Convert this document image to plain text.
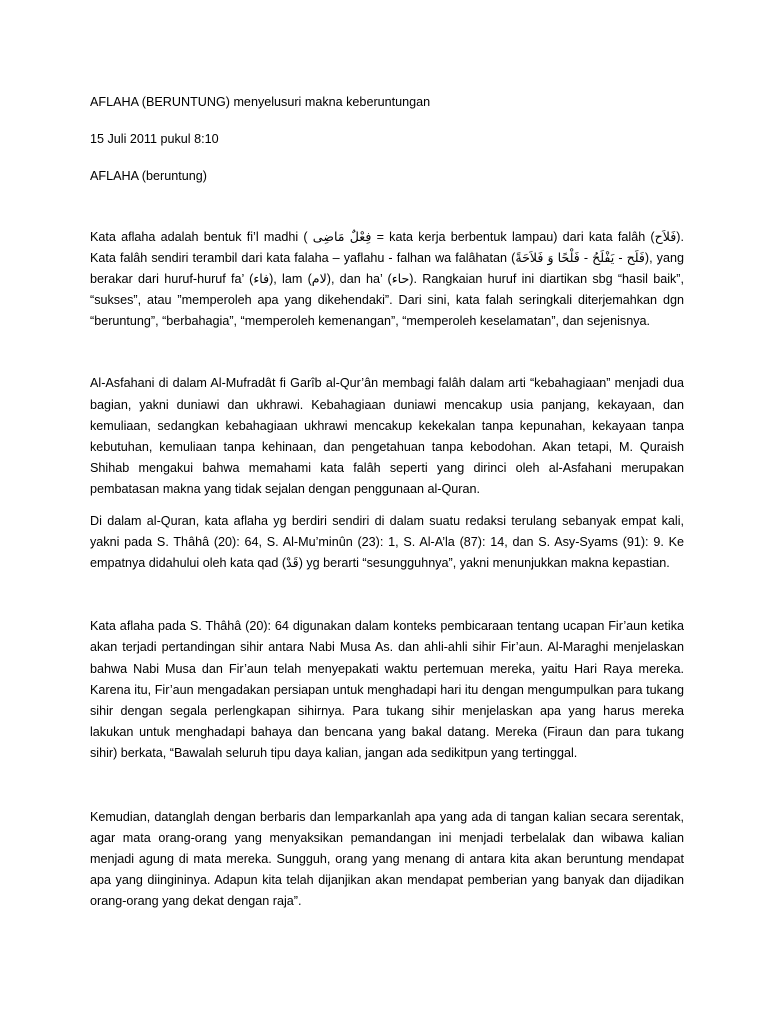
AFLAHA (BERUNTUNG) menyelusuri makna keberuntungan

15 Juli 2011 pukul 8:10

AFLAHA (beruntung)

Kata aflaha adalah bentuk fi’l madhi ( فِعْلٌ مَاضِى = kata kerja berbentuk lampau) dari kata falâh (فَلاَح). Kata falâh sendiri terambil dari kata falaha – yaflahu - falhan wa falâhatan (فَلَح - يَفْلَحُ - فَلْحًا وَ فَلاَحَةً), yang berakar dari huruf-huruf fa’ (فاء), lam (لام), dan ha’ (حاء). Rangkaian huruf ini diartikan sbg “hasil baik”, “sukses”, atau ”memperoleh apa yang dikehendaki”. Dari sini, kata falah seringkali diterjemahkan dgn “beruntung”, “berbahagia”, “memperoleh kemenangan”, “memperoleh keselamatan”, dan sejenisnya.

Al-Asfahani di dalam Al-Mufradât fi Garîb al-Qur’ân membagi falâh dalam arti “kebahagiaan” menjadi dua bagian, yakni duniawi dan ukhrawi. Kebahagiaan duniawi mencakup usia panjang, kekayaan, dan kemuliaan, sedangkan kebahagiaan ukhrawi mencakup kekekalan tanpa kepunahan, kekayaan tanpa kebutuhan, kemuliaan tanpa kehinaan, dan pengetahuan tanpa kebodohan. Akan tetapi, M. Quraish Shihab mengakui bahwa memahami kata falâh seperti yang dirinci oleh al-Asfahani merupakan pembatasan makna yang tidak sejalan dengan penggunaan al-Quran.

Di dalam al-Quran, kata aflaha yg berdiri sendiri di dalam suatu redaksi terulang sebanyak empat kali, yakni pada S. Thâhâ (20): 64, S. Al-Mu’minûn (23): 1, S. Al-A’la (87): 14, dan S. Asy-Syams (91): 9. Ke empatnya didahului oleh kata qad (قَدْ) yg berarti “sesungguhnya”, yakni menunjukkan makna kepastian.

Kata aflaha pada S. Thâhâ (20): 64 digunakan dalam konteks pembicaraan tentang ucapan Fir’aun ketika akan terjadi pertandingan sihir antara Nabi Musa As. dan ahli-ahli sihir Fir’aun. Al-Maraghi menjelaskan bahwa Nabi Musa dan Fir’aun telah menyepakati waktu pertemuan mereka, yaitu Hari Raya mereka. Karena itu, Fir’aun mengadakan persiapan untuk menghadapi hari itu dengan mengumpulkan para tukang sihir dengan segala perlengkapan sihirnya. Para tukang sihir menjelaskan apa yang harus mereka lakukan untuk menghadapi bahaya dan bencana yang bakal datang. Mereka (Firaun dan para tukang sihir) berkata, “Bawalah seluruh tipu daya kalian, jangan ada sedikitpun yang tertinggal.

Kemudian, datanglah dengan berbaris dan lemparkanlah apa yang ada di tangan kalian secara serentak, agar mata orang-orang yang menyaksikan pemandangan ini menjadi terbelalak dan wibawa kalian menjadi agung di mata mereka. Sungguh, orang yang menang di antara kita akan beruntung mendapat apa yang diingininya. Adapun kita telah dijanjikan akan mendapat pemberian yang banyak dan dijadikan orang-orang yang dekat dengan raja”.
